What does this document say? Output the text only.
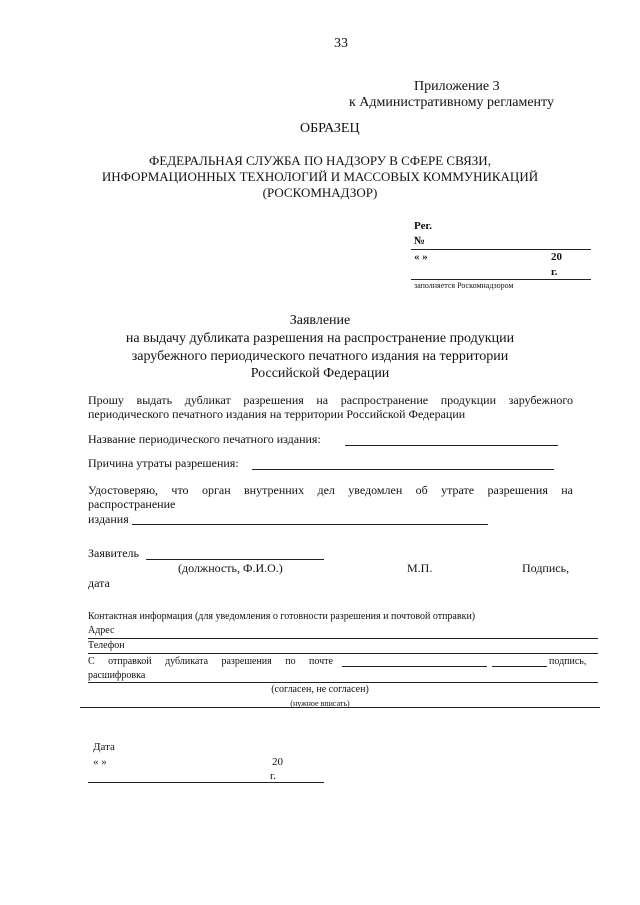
33
Приложение 3
к Административному регламенту
ОБРАЗЕЦ
ФЕДЕРАЛЬНАЯ СЛУЖБА ПО НАДЗОРУ В СФЕРЕ СВЯЗИ,
ИНФОРМАЦИОННЫХ ТЕХНОЛОГИЙ И МАССОВЫХ КОММУНИКАЦИЙ
(РОСКОМНАДЗОР)
Рег.
№
« »	20
г.
заполняется Роскомнадзором
Заявление
на выдачу дубликата разрешения на распространение продукции
зарубежного периодического печатного издания на территории
Российской Федерации
Прошу выдать дубликат разрешения на распространение продукции зарубежного
периодического печатного издания на территории Российской Федерации
Название периодического печатного издания:
Причина утраты разрешения:
Удостоверяю, что орган внутренних дел уведомлен об утрате разрешения на
распространение
издания
Заявитель
(должность, Ф.И.О.)	М.П.	Подпись,
дата
Контактная информация (для уведомления о готовности разрешения и почтовой отправки)
Адрес
Телефон
С отправкой дубликата разрешения по почте	подпись,
расшифровка
(согласен, не согласен)
(нужное вписать)
Дата
« »	20
г.
